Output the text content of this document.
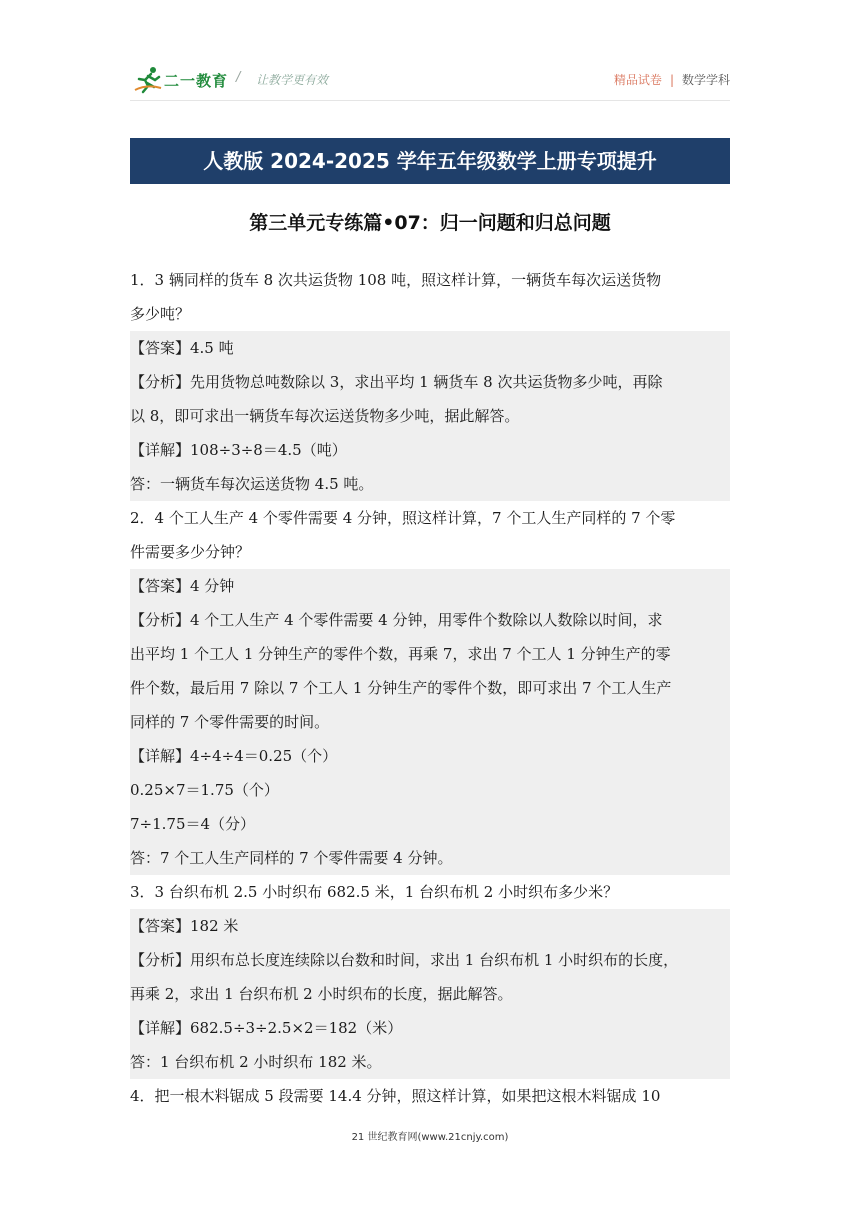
二一教育 / 让教学更有效	精品试卷 | 数学学科
人教版 2024-2025 学年五年级数学上册专项提升
第三单元专练篇•07：归一问题和归总问题
1．3 辆同样的货车 8 次共运货物 108 吨，照这样计算，一辆货车每次运送货物
多少吨？
【答案】4.5 吨
【分析】先用货物总吨数除以 3，求出平均 1 辆货车 8 次共运货物多少吨，再除
以 8，即可求出一辆货车每次运送货物多少吨，据此解答。
【详解】108÷3÷8＝4.5（吨）
答：一辆货车每次运送货物 4.5 吨。
2．4 个工人生产 4 个零件需要 4 分钟，照这样计算，7 个工人生产同样的 7 个零
件需要多少分钟？
【答案】4 分钟
【分析】4 个工人生产 4 个零件需要 4 分钟，用零件个数除以人数除以时间，求
出平均 1 个工人 1 分钟生产的零件个数，再乘 7，求出 7 个工人 1 分钟生产的零
件个数，最后用 7 除以 7 个工人 1 分钟生产的零件个数，即可求出 7 个工人生产
同样的 7 个零件需要的时间。
【详解】4÷4÷4＝0.25（个）
0.25×7＝1.75（个）
7÷1.75＝4（分）
答：7 个工人生产同样的 7 个零件需要 4 分钟。
3．3 台织布机 2.5 小时织布 682.5 米，1 台织布机 2 小时织布多少米？
【答案】182 米
【分析】用织布总长度连续除以台数和时间，求出 1 台织布机 1 小时织布的长度，
再乘 2，求出 1 台织布机 2 小时织布的长度，据此解答。
【详解】682.5÷3÷2.5×2＝182（米）
答：1 台织布机 2 小时织布 182 米。
4．把一根木料锯成 5 段需要 14.4 分钟，照这样计算，如果把这根木料锯成 10
21 世纪教育网(www.21cnjy.com)
